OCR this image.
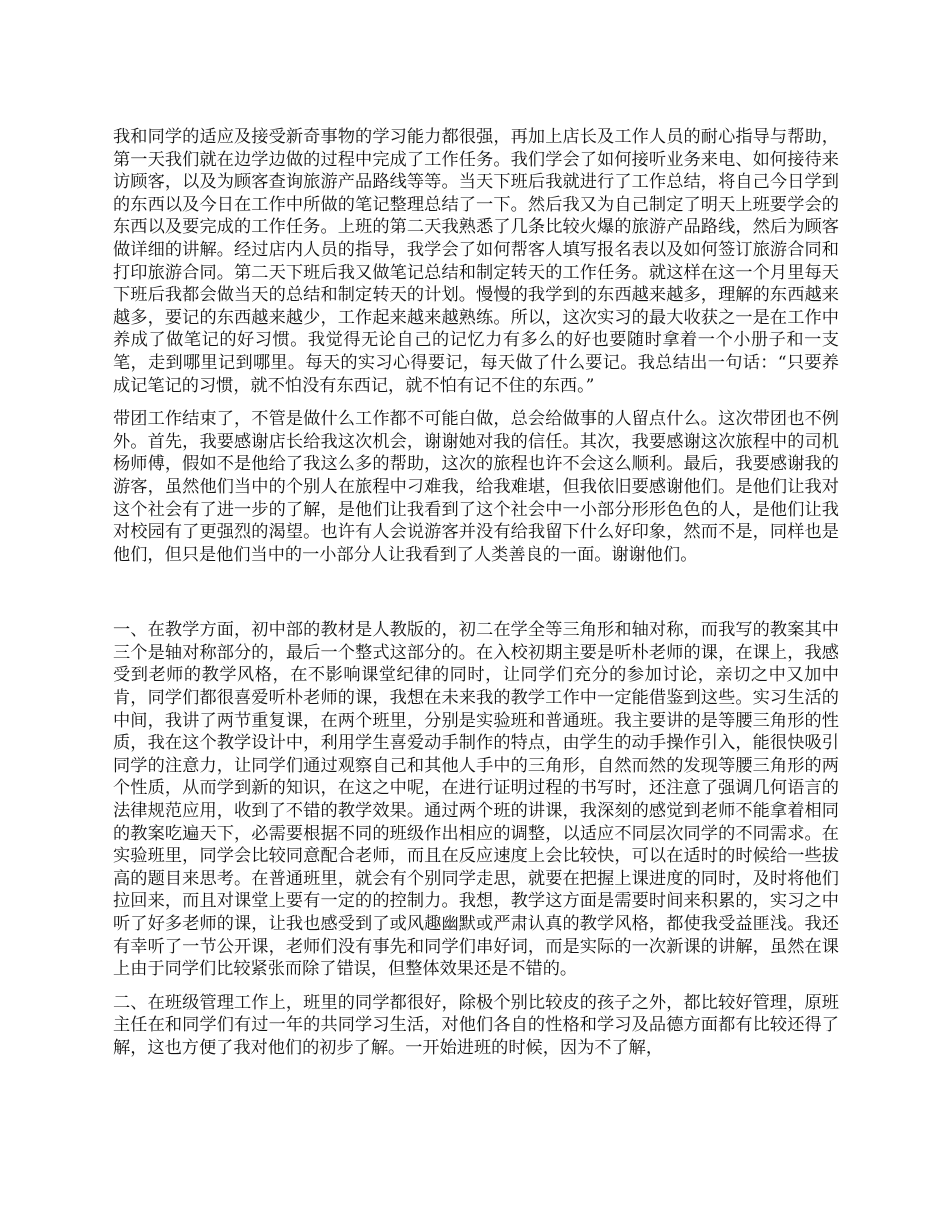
我和同学的适应及接受新奇事物的学习能力都很强，再加上店长及工作人员的耐心指导与帮助，第一天我们就在边学边做的过程中完成了工作任务。我们学会了如何接听业务来电、如何接待来访顾客，以及为顾客查询旅游产品路线等等。当天下班后我就进行了工作总结，将自己今日学到的东西以及今日在工作中所做的笔记整理总结了一下。然后我又为自己制定了明天上班要学会的东西以及要完成的工作任务。上班的第二天我熟悉了几条比较火爆的旅游产品路线，然后为顾客做详细的讲解。经过店内人员的指导，我学会了如何帮客人填写报名表以及如何签订旅游合同和打印旅游合同。第二天下班后我又做笔记总结和制定转天的工作任务。就这样在这一个月里每天下班后我都会做当天的总结和制定转天的计划。慢慢的我学到的东西越来越多，理解的东西越来越多，要记的东西越来越少，工作起来越来越熟练。所以，这次实习的最大收获之一是在工作中养成了做笔记的好习惯。我觉得无论自己的记忆力有多么的好也要随时拿着一个小册子和一支笔，走到哪里记到哪里。每天的实习心得要记，每天做了什么要记。我总结出一句话：“只要养成记笔记的习惯，就不怕没有东西记，就不怕有记不住的东西。”

带团工作结束了，不管是做什么工作都不可能白做，总会给做事的人留点什么。这次带团也不例外。首先，我要感谢店长给我这次机会，谢谢她对我的信任。其次，我要感谢这次旅程中的司机杨师傅，假如不是他给了我这么多的帮助，这次的旅程也许不会这么顺利。最后，我要感谢我的游客，虽然他们当中的个别人在旅程中刁难我，给我难堪，但我依旧要感谢他们。是他们让我对这个社会有了进一步的了解，是他们让我看到了这个社会中一小部分形形色色的人，是他们让我对校园有了更强烈的渴望。也许有人会说游客并没有给我留下什么好印象，然而不是，同样也是他们，但只是他们当中的一小部分人让我看到了人类善良的一面。谢谢他们。

一、在教学方面，初中部的教材是人教版的，初二在学全等三角形和轴对称，而我写的教案其中三个是轴对称部分的，最后一个整式这部分的。在入校初期主要是听朴老师的课，在课上，我感受到老师的教学风格，在不影响课堂纪律的同时，让同学们充分的参加讨论，亲切之中又加中肯，同学们都很喜爱听朴老师的课，我想在未来我的教学工作中一定能借鉴到这些。实习生活的中间，我讲了两节重复课，在两个班里，分别是实验班和普通班。我主要讲的是等腰三角形的性质，我在这个教学设计中，利用学生喜爱动手制作的特点，由学生的动手操作引入，能很快吸引同学的注意力，让同学们通过观察自己和其他人手中的三角形，自然而然的发现等腰三角形的两个性质，从而学到新的知识，在这之中呢，在进行证明过程的书写时，还注意了强调几何语言的法律规范应用，收到了不错的教学效果。通过两个班的讲课，我深刻的感觉到老师不能拿着相同的教案吃遍天下，必需要根据不同的班级作出相应的调整，以适应不同层次同学的不同需求。在实验班里，同学会比较同意配合老师，而且在反应速度上会比较快，可以在适时的时候给一些拔高的题目来思考。在普通班里，就会有个别同学走思，就要在把握上课进度的同时，及时将他们拉回来，而且对课堂上要有一定的的控制力。我想，教学这方面是需要时间来积累的，实习之中听了好多老师的课，让我也感受到了或风趣幽默或严肃认真的教学风格，都使我受益匪浅。我还有幸听了一节公开课，老师们没有事先和同学们串好词，而是实际的一次新课的讲解，虽然在课上由于同学们比较紧张而除了错误，但整体效果还是不错的。

二、在班级管理工作上，班里的同学都很好，除极个别比较皮的孩子之外，都比较好管理，原班主任在和同学们有过一年的共同学习生活，对他们各自的性格和学习及品德方面都有比较还得了解，这也方便了我对他们的初步了解。一开始进班的时候，因为不了解，
